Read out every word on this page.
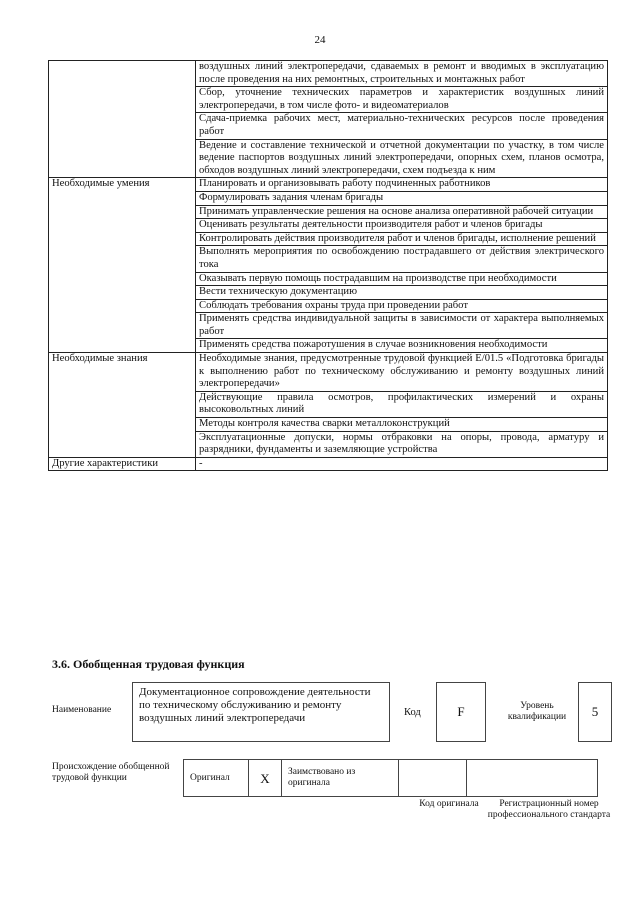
24
	воздушных линий электропередачи, сдаваемых в ремонт и вводимых в эксплуатацию после проведения на них ремонтных, строительных и монтажных работ
	Сбор, уточнение технических параметров и характеристик воздушных линий электропередачи, в том числе фото- и видеоматериалов
	Сдача-приемка рабочих мест, материально-технических ресурсов после проведения работ
	Ведение и составление технической и отчетной документации по участку, в том числе ведение паспортов воздушных линий электропередачи, опорных схем, планов осмотра, обходов воздушных линий электропередачи, схем подъезда к ним
Необходимые умения	Планировать и организовывать работу подчиненных работников
	Формулировать задания членам бригады
	Принимать управленческие решения на основе анализа оперативной рабочей ситуации
	Оценивать результаты деятельности производителя работ и членов бригады
	Контролировать действия производителя работ и членов бригады, исполнение решений
	Выполнять мероприятия по освобождению пострадавшего от действия электрического тока
	Оказывать первую помощь пострадавшим на производстве при необходимости
	Вести техническую документацию
	Соблюдать требования охраны труда при проведении работ
	Применять средства индивидуальной защиты в зависимости от характера выполняемых работ
	Применять средства пожаротушения в случае возникновения необходимости
Необходимые знания	Необходимые знания, предусмотренные трудовой функцией E/01.5 «Подготовка бригады к выполнению работ по техническому обслуживанию и ремонту воздушных линий электропередачи»
	Действующие правила осмотров, профилактических измерений и охраны высоковольтных линий
	Методы контроля качества сварки металлоконструкций
	Эксплуатационные допуски, нормы отбраковки на опоры, провода, арматуру и разрядники, фундаменты и заземляющие устройства
Другие характеристики	-
3.6. Обобщенная трудовая функция
Наименование
Документационное сопровождение деятельности по техническому обслуживанию и ремонту воздушных линий электропередачи	Код	F	Уровень квалификации	5
Происхождение обобщенной трудовой функции	Оригинал	X	Заимствовано из оригинала		
Код оригинала	Регистрационный номер профессионального стандарта
